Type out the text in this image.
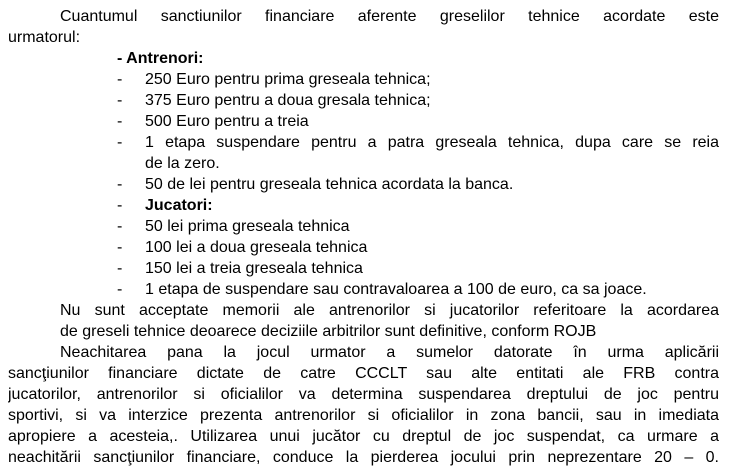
Cuantumul sanctiunilor financiare aferente greselilor tehnice acordate este
urmatorul:
- Antrenori:
- 250 Euro pentru prima greseala tehnica;
- 375 Euro pentru a doua gresala tehnica;
- 500 Euro pentru a treia
- 1 etapa suspendare pentru a patra greseala tehnica, dupa care se reia
de la zero.
- 50 de lei pentru greseala tehnica acordata la banca.
- Jucatori:
- 50 lei prima greseala tehnica
- 100 lei a doua greseala tehnica
- 150 lei a treia greseala tehnica
- 1 etapa de suspendare sau contravaloarea a 100 de euro, ca sa joace.
Nu sunt acceptate memorii ale antrenorilor si jucatorilor referitoare la acordarea
de greseli tehnice deoarece deciziile arbitrilor sunt definitive, conform ROJB
Neachitarea pana la jocul urmator a sumelor datorate în urma aplicării
sancţiunilor financiare dictate de catre CCCLT sau alte entitati ale FRB contra
jucatorilor, antrenorilor si oficialilor va determina suspendarea dreptului de joc pentru
sportivi, si va interzice prezenta antrenorilor si oficialilor in zona bancii, sau in imediata
apropiere a acesteia,. Utilizarea unui jucător cu dreptul de joc suspendat, ca urmare a
neachitării sancţiunilor financiare, conduce la pierderea jocului prin neprezentare 20 – 0.
